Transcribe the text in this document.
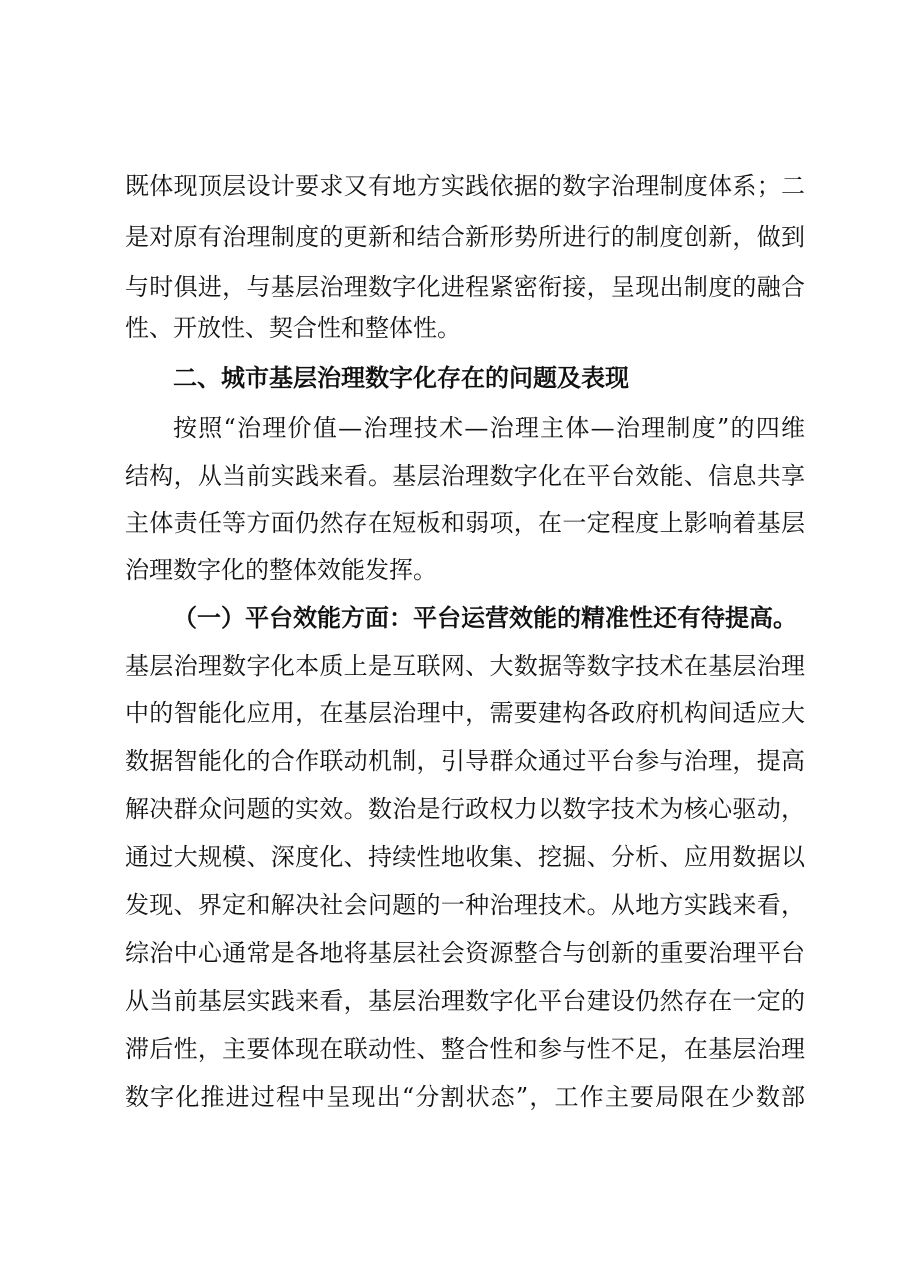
既体现顶层设计要求又有地方实践依据的数字治理制度体系；二
是对原有治理制度的更新和结合新形势所进行的制度创新，做到
与时俱进，与基层治理数字化进程紧密衔接，呈现出制度的融合
性、开放性、契合性和整体性。
二、城市基层治理数字化存在的问题及表现
按照“治理价值—治理技术—治理主体—治理制度”的四维
结构，从当前实践来看。基层治理数字化在平台效能、信息共享
主体责任等方面仍然存在短板和弱项，在一定程度上影响着基层
治理数字化的整体效能发挥。
（一）平台效能方面：平台运营效能的精准性还有待提高。
基层治理数字化本质上是互联网、大数据等数字技术在基层治理
中的智能化应用，在基层治理中，需要建构各政府机构间适应大
数据智能化的合作联动机制，引导群众通过平台参与治理，提高
解决群众问题的实效。数治是行政权力以数字技术为核心驱动，
通过大规模、深度化、持续性地收集、挖掘、分析、应用数据以
发现、界定和解决社会问题的一种治理技术。从地方实践来看，
综治中心通常是各地将基层社会资源整合与创新的重要治理平台
从当前基层实践来看，基层治理数字化平台建设仍然存在一定的
滞后性，主要体现在联动性、整合性和参与性不足，在基层治理
数字化推进过程中呈现出“分割状态”，工作主要局限在少数部
